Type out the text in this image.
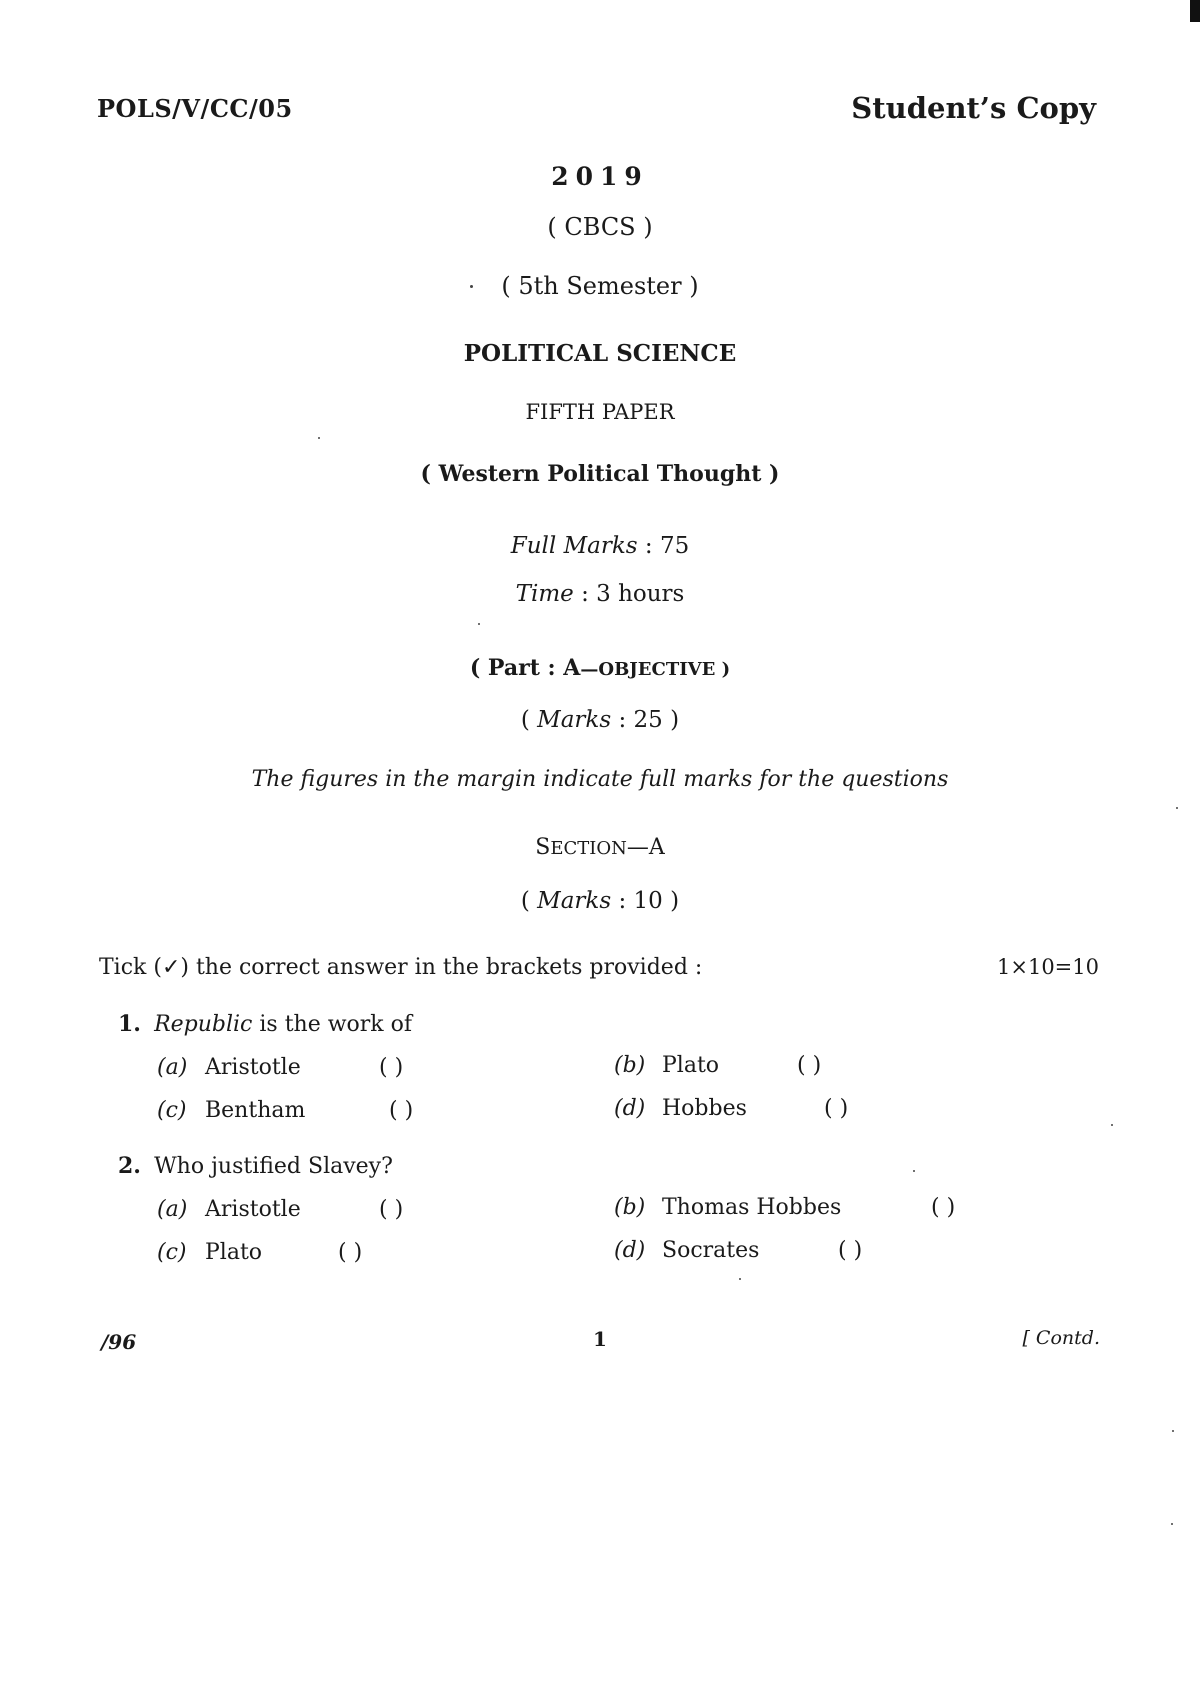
POLS/V/CC/05	Student’s Copy
2019
( CBCS )
( 5th Semester )
POLITICAL SCIENCE
FIFTH PAPER
( Western Political Thought )
Full Marks : 75
Time : 3 hours
( Part : A—OBJECTIVE )
( Marks : 25 )
The figures in the margin indicate full marks for the questions
SECTION—A
( Marks : 10 )
Tick (✓) the correct answer in the brackets provided :	1×10=10
1. Republic is the work of
(a) Aristotle	( )	(b) Plato	( )
(c) Bentham	( )	(d) Hobbes	( )
2. Who justified Slavey?
(a) Aristotle	( )	(b) Thomas Hobbes	( )
(c) Plato	( )	(d) Socrates	( )
/96	1	[ Contd.
